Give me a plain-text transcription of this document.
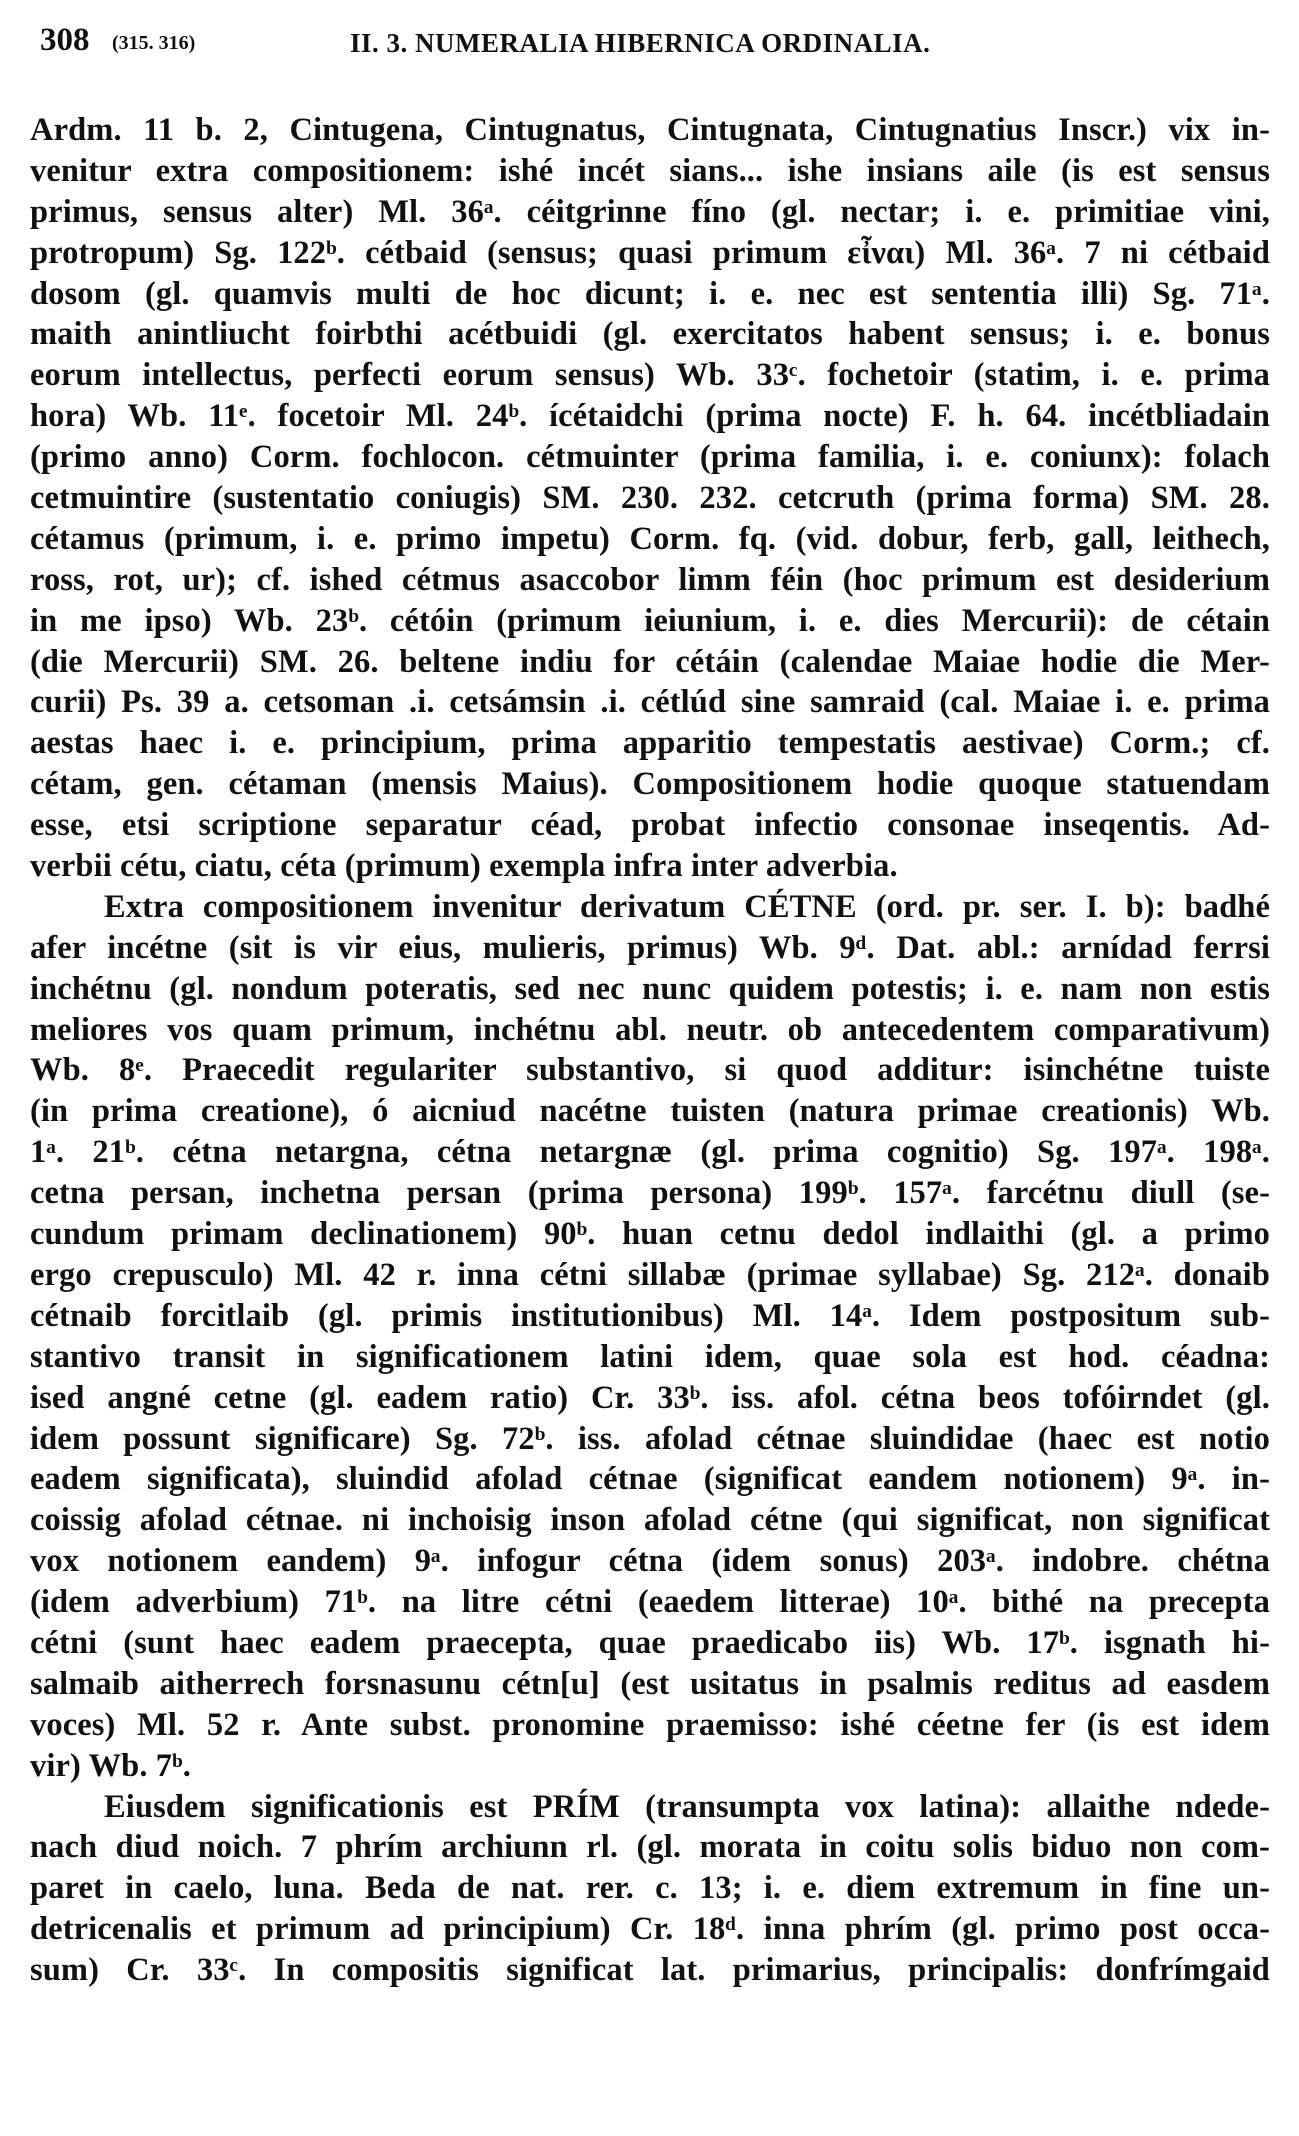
308 (315. 316)	II. 3. NUMERALIA HIBERNICA ORDINALIA.
Ardm. 11 b. 2, Cintugena, Cintugnatus, Cintugnata, Cintugnatius Inscr.) vix in-
venitur extra compositionem: ishé incét sians... ishe insians aile (is est sensus
primus, sensus alter) Ml. 36ᵃ. céitgrinne fíno (gl. nectar; i. e. primitiae vini,
protropum) Sg. 122ᵇ. cétbaid (sensus; quasi primum εἶναι) Ml. 36ᵃ. 7 ni cétbaid
dosom (gl. quamvis multi de hoc dicunt; i. e. nec est sententia illi) Sg. 71ᵃ.
maith anintliucht foirbthi acétbuidi (gl. exercitatos habent sensus; i. e. bonus
eorum intellectus, perfecti eorum sensus) Wb. 33ᶜ. fochetoir (statim, i. e. prima
hora) Wb. 11ᵉ. focetoir Ml. 24ᵇ. ícétaidchi (prima nocte) F. h. 64. incétbliadain
(primo anno) Corm. fochlocon. cétmuinter (prima familia, i. e. coniunx): folach
cetmuintire (sustentatio coniugis) SM. 230. 232. cetcruth (prima forma) SM. 28.
cétamus (primum, i. e. primo impetu) Corm. fq. (vid. dobur, ferb, gall, leithech,
ross, rot, ur); cf. ished cétmus asaccobor limm féin (hoc primum est desiderium
in me ipso) Wb. 23ᵇ. cétóin (primum ieiunium, i. e. dies Mercurii): de cétain
(die Mercurii) SM. 26. beltene indiu for cétáin (calendae Maiae hodie die Mer-
curii) Ps. 39 a. cetsoman .i. cetsámsin .i. cétlúd sine samraid (cal. Maiae i. e. prima
aestas haec i. e. principium, prima apparitio tempestatis aestivae) Corm.; cf.
cétam, gen. cétaman (mensis Maius). Compositionem hodie quoque statuendam
esse, etsi scriptione separatur céad, probat infectio consonae inseqentis. Ad-
verbii cétu, ciatu, céta (primum) exempla infra inter adverbia.
Extra compositionem invenitur derivatum CÉTNE (ord. pr. ser. I. b): badhé
afer incétne (sit is vir eius, mulieris, primus) Wb. 9ᵈ. Dat. abl.: arnídad ferrsi
inchétnu (gl. nondum poteratis, sed nec nunc quidem potestis; i. e. nam non estis
meliores vos quam primum, inchétnu abl. neutr. ob antecedentem comparativum)
Wb. 8ᵉ. Praecedit regulariter substantivo, si quod additur: isinchétne tuiste
(in prima creatione), ó aicniud nacétne tuisten (natura primae creationis) Wb.
1ᵃ. 21ᵇ. cétna netargna, cétna netargnæ (gl. prima cognitio) Sg. 197ᵃ. 198ᵃ.
cetna persan, inchetna persan (prima persona) 199ᵇ. 157ᵃ. farcétnu diull (se-
cundum primam declinationem) 90ᵇ. huan cetnu dedol indlaithi (gl. a primo
ergo crepusculo) Ml. 42 r. inna cétni sillabæ (primae syllabae) Sg. 212ᵃ. donaib
cétnaib forcitlaib (gl. primis institutionibus) Ml. 14ᵃ. Idem postpositum sub-
stantivo transit in significationem latini idem, quae sola est hod. céadna:
ised angné cetne (gl. eadem ratio) Cr. 33ᵇ. iss. afol. cétna beos tofóirndet (gl.
idem possunt significare) Sg. 72ᵇ. iss. afolad cétnae sluindidae (haec est notio
eadem significata), sluindid afolad cétnae (significat eandem notionem) 9ᵃ. in-
coissig afolad cétnae. ni inchoisig inson afolad cétne (qui significat, non significat
vox notionem eandem) 9ᵃ. infogur cétna (idem sonus) 203ᵃ. indobre. chétna
(idem adverbium) 71ᵇ. na litre cétni (eaedem litterae) 10ᵃ. bithé na precepta
cétni (sunt haec eadem praecepta, quae praedicabo iis) Wb. 17ᵇ. isgnath hi-
salmaib aitherrech forsnasunu cétn[u] (est usitatus in psalmis reditus ad easdem
voces) Ml. 52 r. Ante subst. pronomine praemisso: ishé céetne fer (is est idem
vir) Wb. 7ᵇ.
Eiusdem significationis est PRÍM (transumpta vox latina): allaithe ndede-
nach diud noich. 7 phrím archiunn rl. (gl. morata in coitu solis biduo non com-
paret in caelo, luna. Beda de nat. rer. c. 13; i. e. diem extremum in fine un-
detricenalis et primum ad principium) Cr. 18ᵈ. inna phrím (gl. primo post occa-
sum) Cr. 33ᶜ. In compositis significat lat. primarius, principalis: donfrímgaid
